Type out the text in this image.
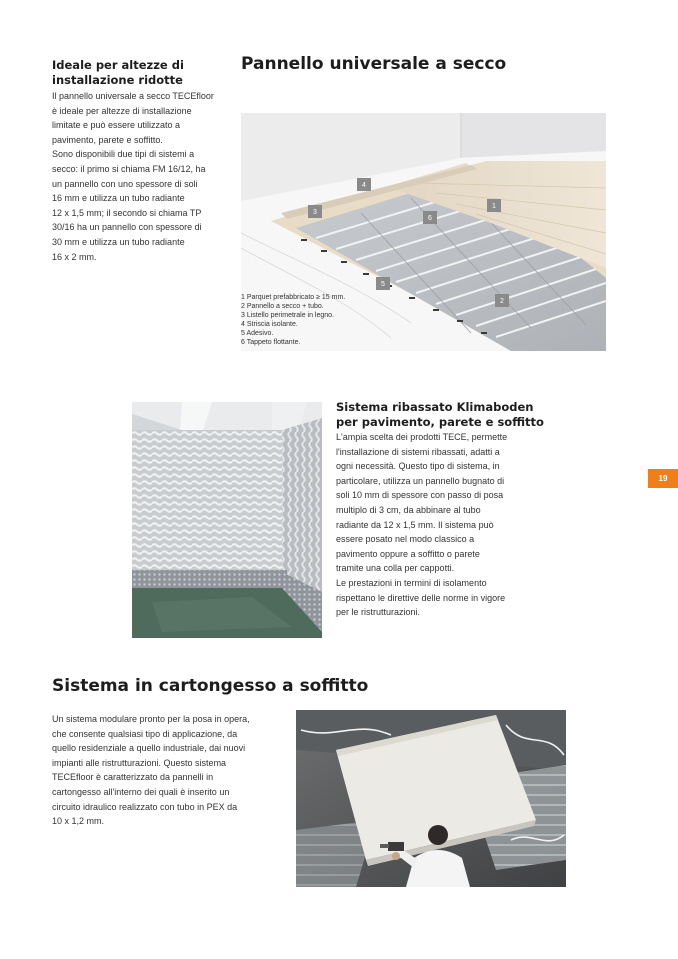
Ideale per altezze di
installazione ridotte
Il pannello universale a secco TECEfloor
è ideale per altezze di installazione
limitate e può essere utilizzato a
pavimento, parete e soffitto.
Sono disponibili due tipi di sistemi a
secco: il primo si chiama FM 16/12, ha
un pannello con uno spessore di soli
16 mm e utilizza un tubo radiante
12 x 1,5 mm; il secondo si chiama TP
30/16 ha un pannello con spessore di
30 mm e utilizza un tubo radiante
16 x 2 mm.
Pannello universale a secco
1
2
3
4
5
6
1 Parquet prefabbricato ≥ 15 mm.
2 Pannello a secco + tubo.
3 Listello perimetrale in legno.
4 Striscia isolante.
5 Adesivo.
6 Tappeto flottante.
Sistema ribassato Klimaboden
per pavimento, parete e soffitto
L'ampia scelta dei prodotti TECE, permette
l'installazione di sistemi ribassati, adatti a
ogni necessità. Questo tipo di sistema, in
particolare, utilizza un pannello bugnato di
soli 10 mm di spessore con passo di posa
multiplo di 3 cm, da abbinare al tubo
radiante da 12 x 1,5 mm. Il sistema può
essere posato nel modo classico a
pavimento oppure a soffitto o parete
tramite una colla per cappotti.
Le prestazioni in termini di isolamento
rispettano le direttive delle norme in vigore
per le ristrutturazioni.
19
Sistema in cartongesso a soffitto
Un sistema modulare pronto per la posa in opera,
che consente qualsiasi tipo di applicazione, da
quello residenziale a quello industriale, dai nuovi
impianti alle ristrutturazioni. Questo sistema
TECEfloor è caratterizzato da pannelli in
cartongesso all'interno dei quali è inserito un
circuito idraulico realizzato con tubo in PEX da
10 x 1,2 mm.
